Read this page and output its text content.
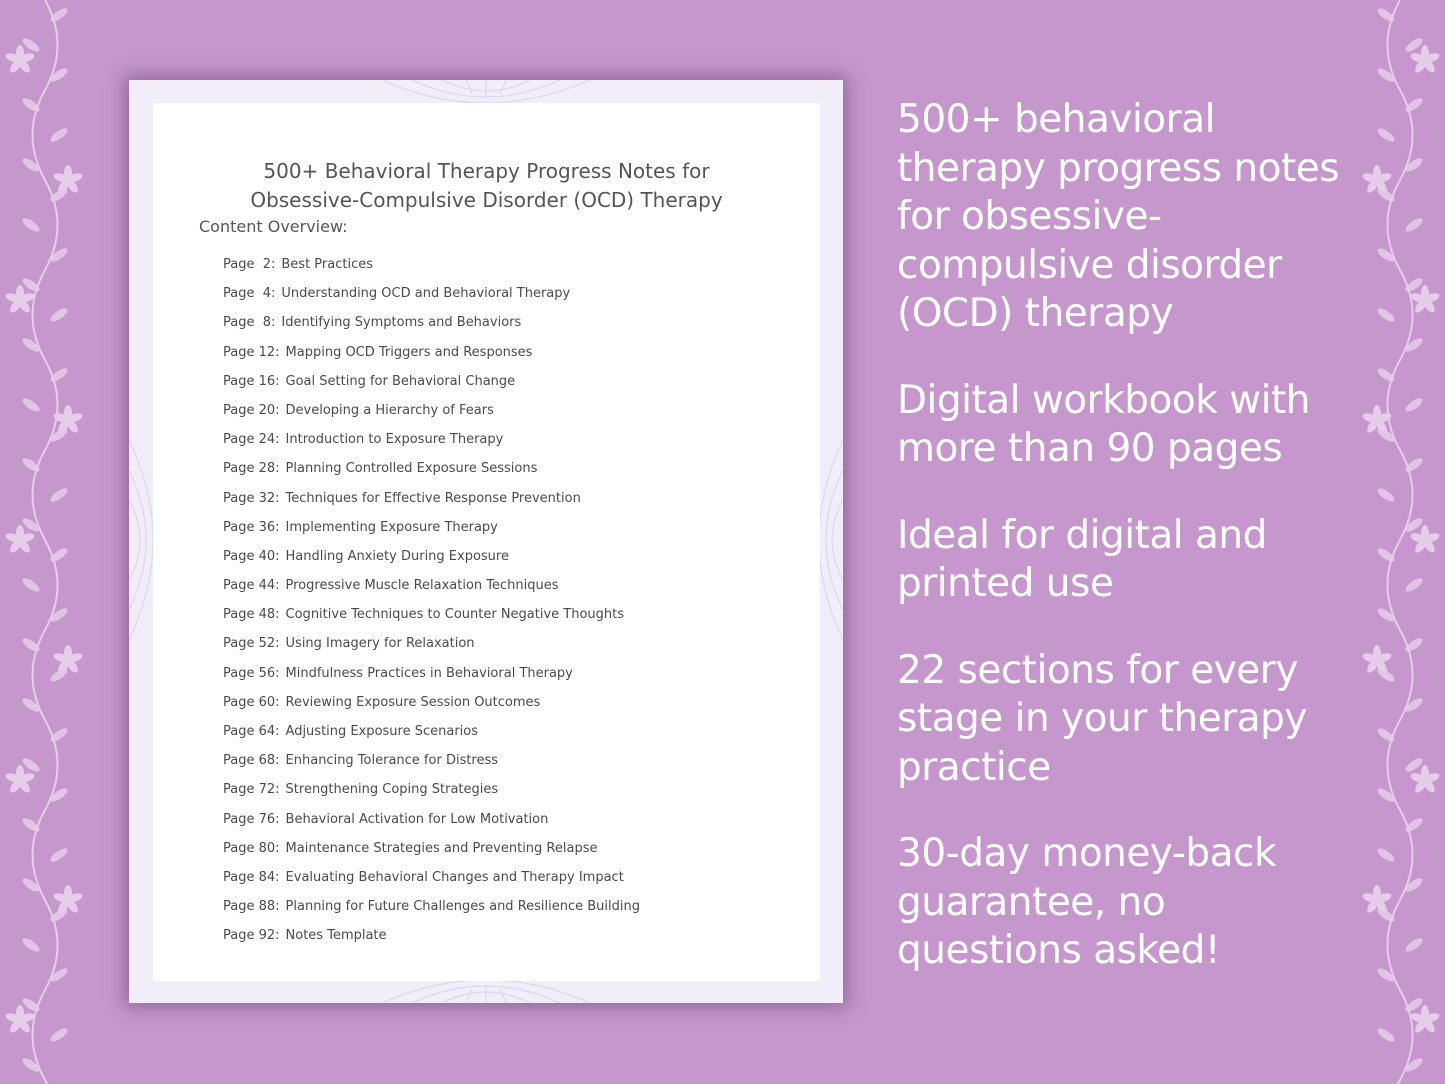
500+ Behavioral Therapy Progress Notes for
Obsessive-Compulsive Disorder (OCD) Therapy
Content Overview:
Page  2: Best Practices
Page  4: Understanding OCD and Behavioral Therapy
Page  8: Identifying Symptoms and Behaviors
Page 12: Mapping OCD Triggers and Responses
Page 16: Goal Setting for Behavioral Change
Page 20: Developing a Hierarchy of Fears
Page 24: Introduction to Exposure Therapy
Page 28: Planning Controlled Exposure Sessions
Page 32: Techniques for Effective Response Prevention
Page 36: Implementing Exposure Therapy
Page 40: Handling Anxiety During Exposure
Page 44: Progressive Muscle Relaxation Techniques
Page 48: Cognitive Techniques to Counter Negative Thoughts
Page 52: Using Imagery for Relaxation
Page 56: Mindfulness Practices in Behavioral Therapy
Page 60: Reviewing Exposure Session Outcomes
Page 64: Adjusting Exposure Scenarios
Page 68: Enhancing Tolerance for Distress
Page 72: Strengthening Coping Strategies
Page 76: Behavioral Activation for Low Motivation
Page 80: Maintenance Strategies and Preventing Relapse
Page 84: Evaluating Behavioral Changes and Therapy Impact
Page 88: Planning for Future Challenges and Resilience Building
Page 92: Notes Template

500+ behavioral
therapy progress notes
for obsessive-
compulsive disorder
(OCD) therapy

Digital workbook with
more than 90 pages

Ideal for digital and
printed use

22 sections for every
stage in your therapy
practice

30-day money-back
guarantee, no
questions asked!
